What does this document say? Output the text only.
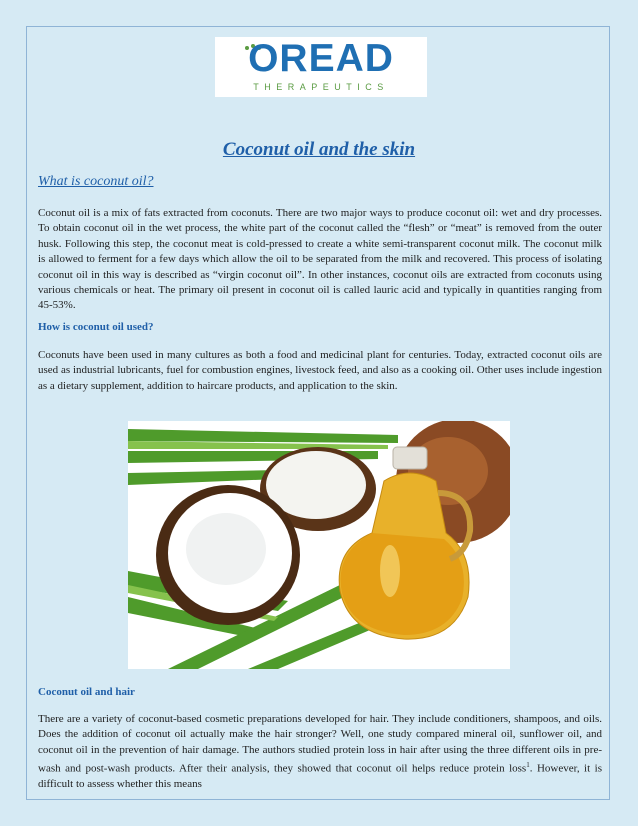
OREAD
THERAPEUTICS
Coconut oil and the skin
What is coconut oil?

Coconut oil is a mix of fats extracted from coconuts. There are two major ways to produce coconut oil: wet and dry processes. To obtain coconut oil in the wet process, the white part of the coconut called the “flesh” or “meat” is removed from the outer husk. Following this step, the coconut meat is cold-pressed to create a white semi-transparent coconut milk. The coconut milk is allowed to ferment for a few days which allow the oil to be separated from the milk and recovered. This process of isolating coconut oil in this way is described as “virgin coconut oil”. In other instances, coconut oils are extracted from coconuts using various chemicals or heat. The primary oil present in coconut oil is called lauric acid and typically in quantities ranging from 45-53%.

How is coconut oil used?

Coconuts have been used in many cultures as both a food and medicinal plant for centuries. Today, extracted coconut oils are used as industrial lubricants, fuel for combustion engines, livestock feed, and also as a cooking oil. Other uses include ingestion as a dietary supplement, addition to haircare products, and application to the skin.

Coconut oil and hair

There are a variety of coconut-based cosmetic preparations developed for hair. They include conditioners, shampoos, and oils. Does the addition of coconut oil actually make the hair stronger? Well, one study compared mineral oil, sunflower oil, and coconut oil in the prevention of hair damage. The authors studied protein loss in hair after using the three different oils in pre-wash and post-wash products. After their analysis, they showed that coconut oil helps reduce protein loss$^1$. However, it is difficult to assess whether this means
